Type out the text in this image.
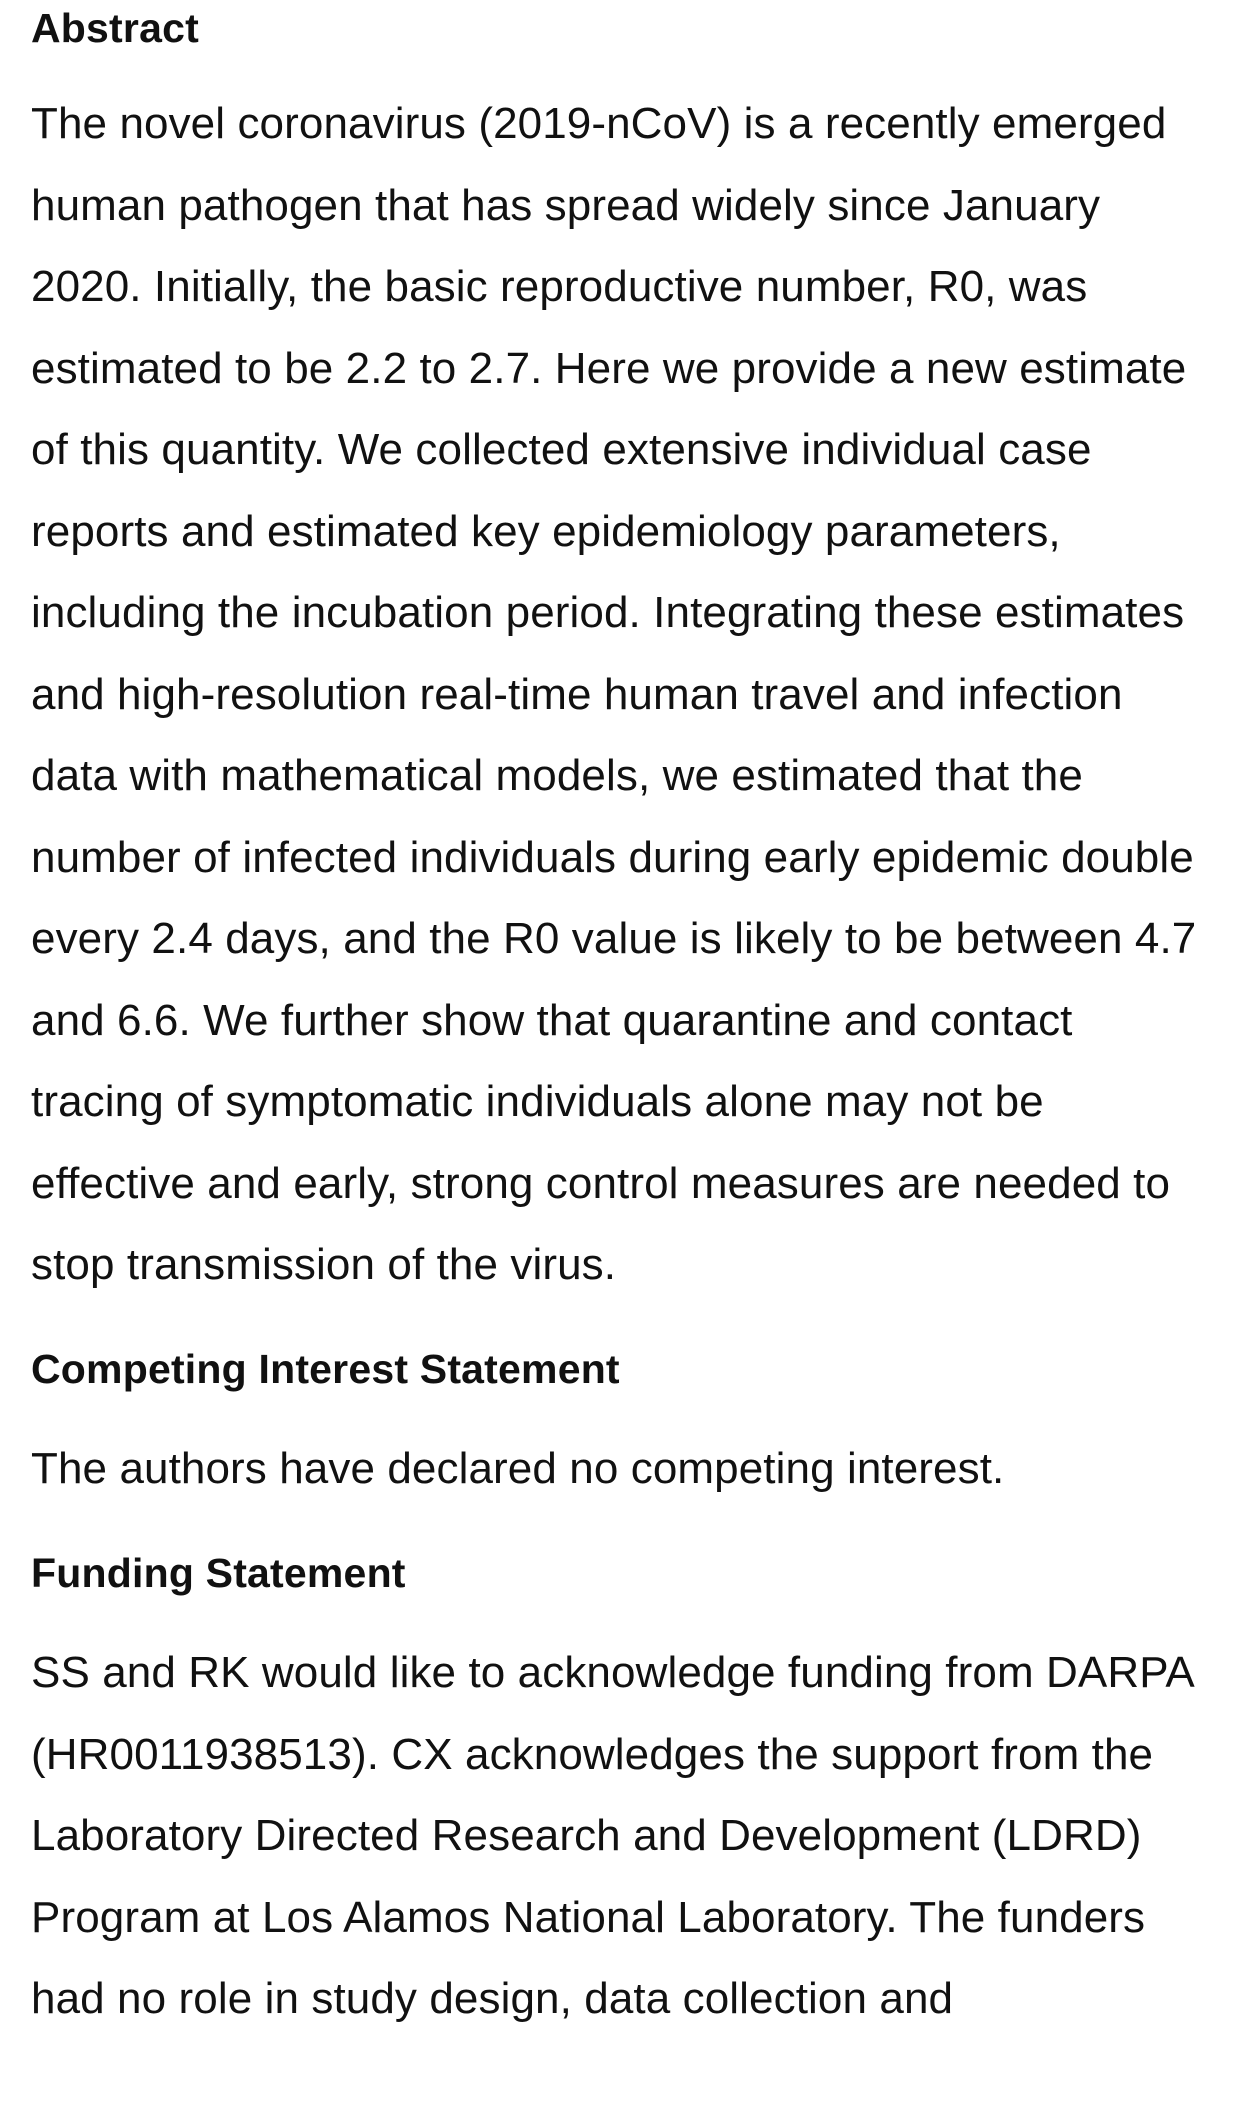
Abstract

The novel coronavirus (2019-nCoV) is a recently emerged human pathogen that has spread widely since January 2020. Initially, the basic reproductive number, R0, was estimated to be 2.2 to 2.7. Here we provide a new estimate of this quantity. We collected extensive individual case reports and estimated key epidemiology parameters, including the incubation period. Integrating these estimates and high-resolution real-time human travel and infection data with mathematical models, we estimated that the number of infected individuals during early epidemic double every 2.4 days, and the R0 value is likely to be between 4.7 and 6.6. We further show that quarantine and contact tracing of symptomatic individuals alone may not be effective and early, strong control measures are needed to stop transmission of the virus.

Competing Interest Statement

The authors have declared no competing interest.

Funding Statement

SS and RK would like to acknowledge funding from DARPA (HR0011938513). CX acknowledges the support from the Laboratory Directed Research and Development (LDRD) Program at Los Alamos National Laboratory. The funders had no role in study design, data collection and
